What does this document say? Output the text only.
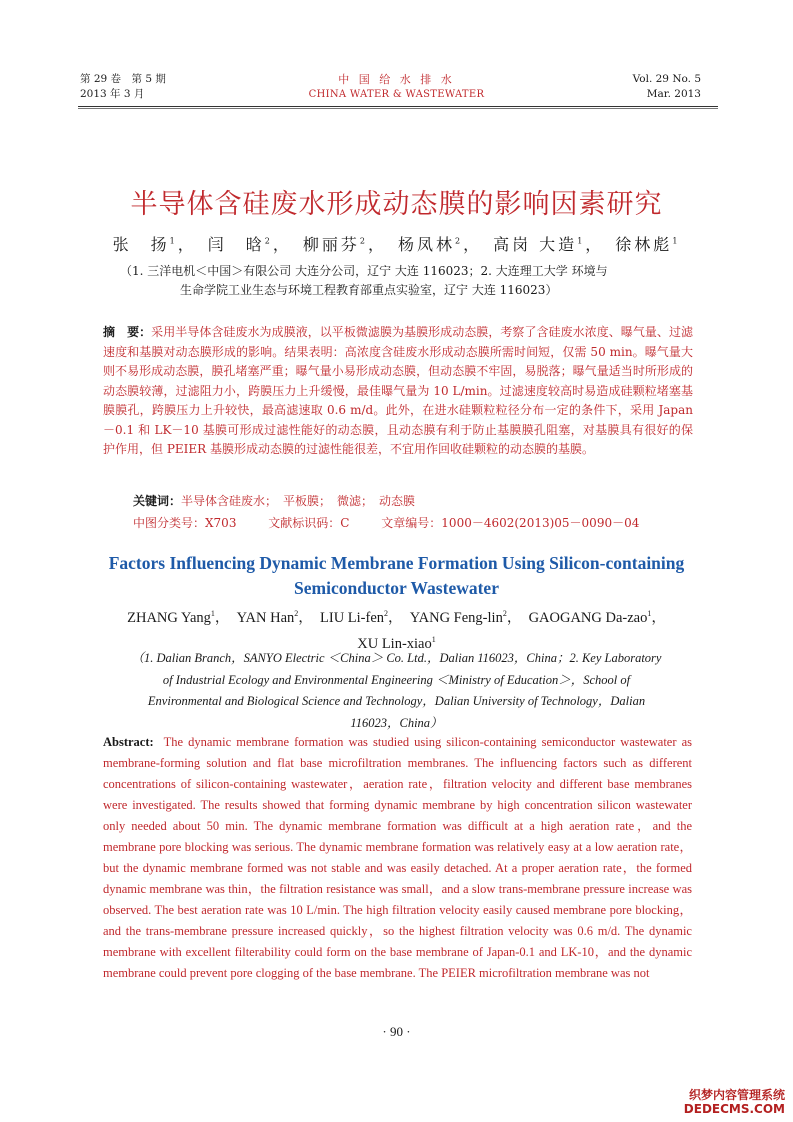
第 29 卷　第 5 期
2013 年 3 月
中 国 给 水 排 水
CHINA WATER & WASTEWATER
Vol. 29 No. 5
Mar. 2013
半导体含硅废水形成动态膜的影响因素研究
张　扬$^1$，　闫　晗$^2$，　柳丽芬$^2$，　杨凤林$^2$，　高岗 大造$^1$，　徐林彪$^1$
（1. 三洋电机＜中国＞有限公司 大连分公司，辽宁 大连 116023；2. 大连理工大学 环境与
生命学院工业生态与环境工程教育部重点实验室，辽宁 大连 116023）
摘　要：采用半导体含硅废水为成膜液，以平板微滤膜为基膜形成动态膜，考察了含硅废水浓度、曝气量、过滤速度和基膜对动态膜形成的影响。结果表明：高浓度含硅废水形成动态膜所需时间短，仅需 50 min。曝气量大则不易形成动态膜，膜孔堵塞严重；曝气量小易形成动态膜，但动态膜不牢固，易脱落；曝气量适当时所形成的动态膜较薄，过滤阻力小，跨膜压力上升缓慢，最佳曝气量为 10 L/min。过滤速度较高时易造成硅颗粒堵塞基膜膜孔，跨膜压力上升较快，最高滤速取 0.6 m/d。此外，在进水硅颗粒粒径分布一定的条件下，采用 Japan－0.1 和 LK－10 基膜可形成过滤性能好的动态膜，且动态膜有利于防止基膜膜孔阻塞，对基膜具有很好的保护作用，但 PEIER 基膜形成动态膜的过滤性能很差，不宜用作回收硅颗粒的动态膜的基膜。
关键词：半导体含硅废水；　平板膜；　微滤；　动态膜
中图分类号：X703	文献标识码：C	文章编号：1000－4602(2013)05－0090－04
Factors Influencing Dynamic Membrane Formation Using Silicon-containing Semiconductor Wastewater
ZHANG Yang$^1$，　YAN Han$^2$，　LIU Li-fen$^2$，　YANG Feng-lin$^2$，　GAOGANG Da-zao$^1$，
XU Lin-xiao$^1$
（1. Dalian Branch，SANYO Electric ＜China＞ Co. Ltd.，Dalian 116023，China；2. Key Laboratory of Industrial Ecology and Environmental Engineering ＜Ministry of Education＞，School of Environmental and Biological Science and Technology，Dalian University of Technology，Dalian 116023，China）
Abstract: The dynamic membrane formation was studied using silicon-containing semiconductor wastewater as membrane-forming solution and flat base microfiltration membranes. The influencing factors such as different concentrations of silicon-containing wastewater，aeration rate，filtration velocity and different base membranes were investigated. The results showed that forming dynamic membrane by high concentration silicon wastewater only needed about 50 min. The dynamic membrane formation was difficult at a high aeration rate，and the membrane pore blocking was serious. The dynamic membrane formation was relatively easy at a low aeration rate，but the dynamic membrane formed was not stable and was easily detached. At a proper aeration rate，the formed dynamic membrane was thin，the filtration resistance was small，and a slow trans-membrane pressure increase was observed. The best aeration rate was 10 L/min. The high filtration velocity easily caused membrane pore blocking，and the trans-membrane pressure increased quickly，so the highest filtration velocity was 0.6 m/d. The dynamic membrane with excellent filterability could form on the base membrane of Japan-0.1 and LK-10，and the dynamic membrane could prevent pore clogging of the base membrane. The PEIER microfiltration membrane was not
· 90 ·
织梦内容管理系统
DEDECMS.COM
